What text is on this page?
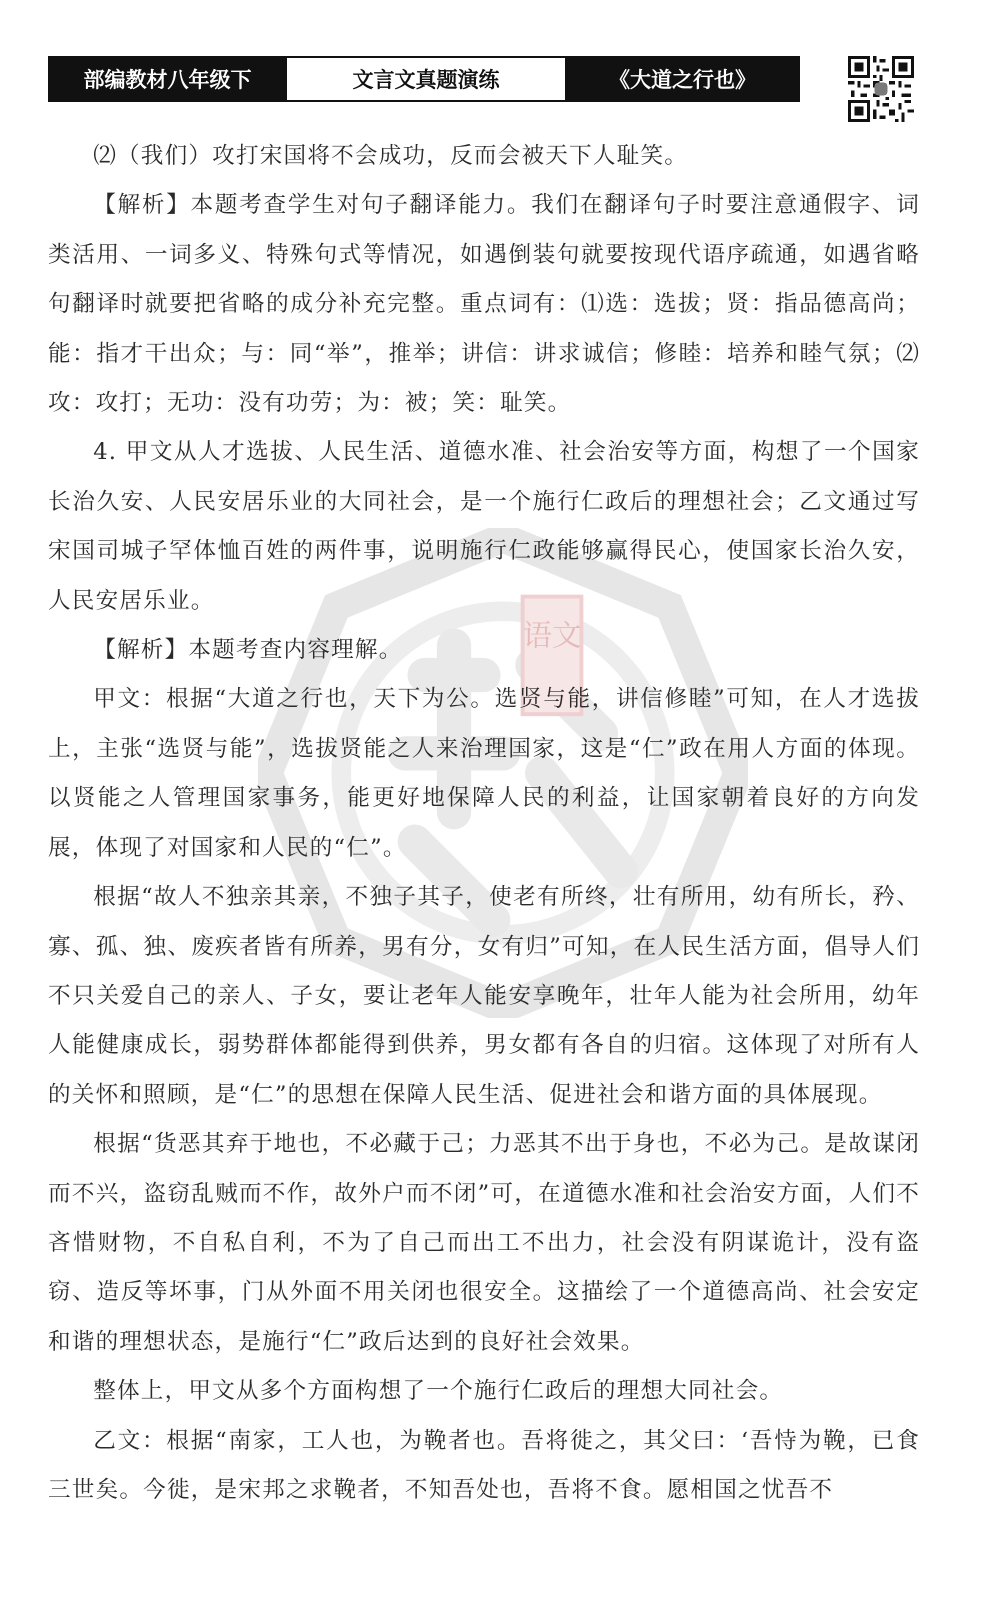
部编教材八年级下	文言文真题演练	《大道之行也》
语文

⑵（我们）攻打宋国将不会成功，反而会被天下人耻笑。

【解析】本题考查学生对句子翻译能力。我们在翻译句子时要注意通假字、词类活用、一词多义、特殊句式等情况，如遇倒装句就要按现代语序疏通，如遇省略句翻译时就要把省略的成分补充完整。重点词有：⑴选：选拔；贤：指品德高尚；能：指才干出众；与：同“举”，推举；讲信：讲求诚信；修睦：培养和睦气氛；⑵攻：攻打；无功：没有功劳；为：被；笑：耻笑。

4. 甲文从人才选拔、人民生活、道德水准、社会治安等方面，构想了一个国家长治久安、人民安居乐业的大同社会，是一个施行仁政后的理想社会；乙文通过写宋国司城子罕体恤百姓的两件事，说明施行仁政能够赢得民心，使国家长治久安，人民安居乐业。

【解析】本题考查内容理解。

甲文：根据“大道之行也，天下为公。选贤与能，讲信修睦”可知，在人才选拔上，主张“选贤与能”，选拔贤能之人来治理国家，这是“仁”政在用人方面的体现。以贤能之人管理国家事务，能更好地保障人民的利益，让国家朝着良好的方向发展，体现了对国家和人民的“仁”。

根据“故人不独亲其亲，不独子其子，使老有所终，壮有所用，幼有所长，矜、寡、孤、独、废疾者皆有所养，男有分，女有归”可知，在人民生活方面，倡导人们不只关爱自己的亲人、子女，要让老年人能安享晚年，壮年人能为社会所用，幼年人能健康成长，弱势群体都能得到供养，男女都有各自的归宿。这体现了对所有人的关怀和照顾，是“仁”的思想在保障人民生活、促进社会和谐方面的具体展现。

根据“货恶其弃于地也，不必藏于己；力恶其不出于身也，不必为己。是故谋闭而不兴，盗窃乱贼而不作，故外户而不闭”可，在道德水准和社会治安方面，人们不吝惜财物，不自私自利，不为了自己而出工不出力，社会没有阴谋诡计，没有盗窃、造反等坏事，门从外面不用关闭也很安全。这描绘了一个道德高尚、社会安定和谐的理想状态，是施行“仁”政后达到的良好社会效果。

整体上，甲文从多个方面构想了一个施行仁政后的理想大同社会。

乙文：根据“南家，工人也，为鞔者也。吾将徙之，其父曰：‘吾恃为鞔，已食三世矣。今徙，是宋邦之求鞔者，不知吾处也，吾将不食。愿相国之忧吾不
